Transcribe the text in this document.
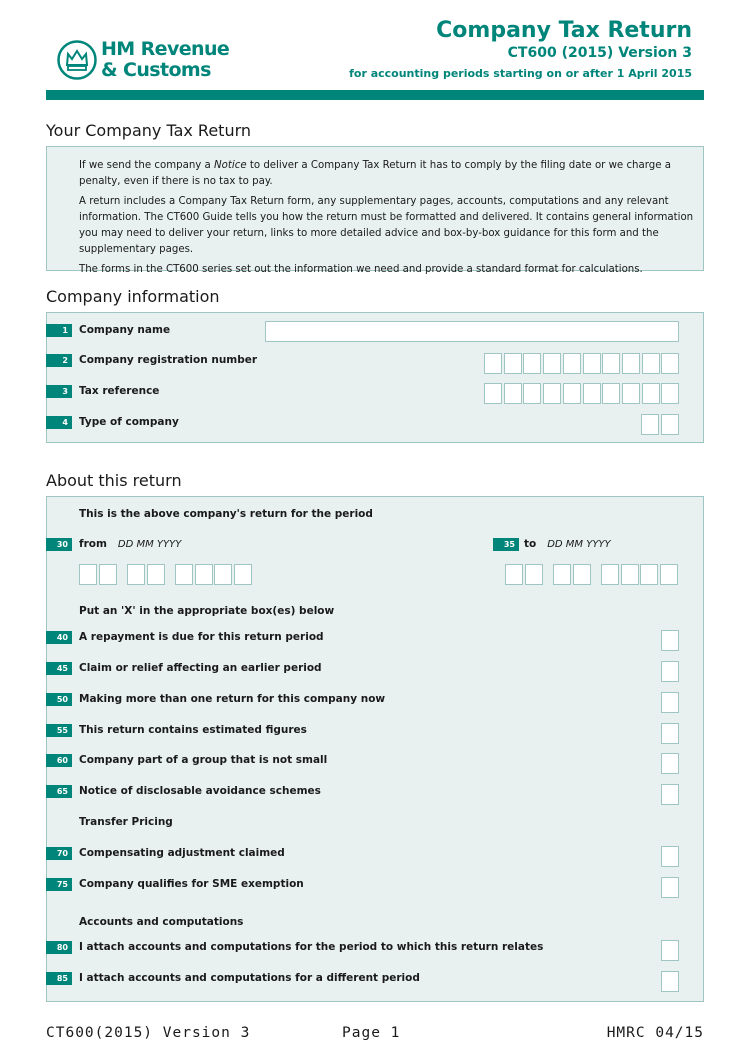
HM Revenue
& Customs
Company Tax Return
CT600 (2015) Version 3
for accounting periods starting on or after 1 April 2015
Your Company Tax Return

If we send the company a Notice to deliver a Company Tax Return it has to comply by the filing date or we charge a penalty, even if there is no tax to pay.

A return includes a Company Tax Return form, any supplementary pages, accounts, computations and any relevant information. The CT600 Guide tells you how the return must be formatted and delivered. It contains general information you may need to deliver your return, links to more detailed advice and box-by-box guidance for this form and the supplementary pages.

The forms in the CT600 series set out the information we need and provide a standard format for calculations.

Company information
1	Company name
2	Company registration number
3	Tax reference
4	Type of company
About this return
This is the above company's return for the period
30	from DD MM YYYY	35 to DD MM YYYY
Put an 'X' in the appropriate box(es) below
40	A repayment is due for this return period
45	Claim or relief affecting an earlier period
50	Making more than one return for this company now
55	This return contains estimated figures
60	Company part of a group that is not small
65	Notice of disclosable avoidance schemes
Transfer Pricing
70	Compensating adjustment claimed
75	Company qualifies for SME exemption
Accounts and computations
80	I attach accounts and computations for the period to which this return relates
85	I attach accounts and computations for a different period
CT600(2015) Version 3	Page 1	HMRC 04/15
